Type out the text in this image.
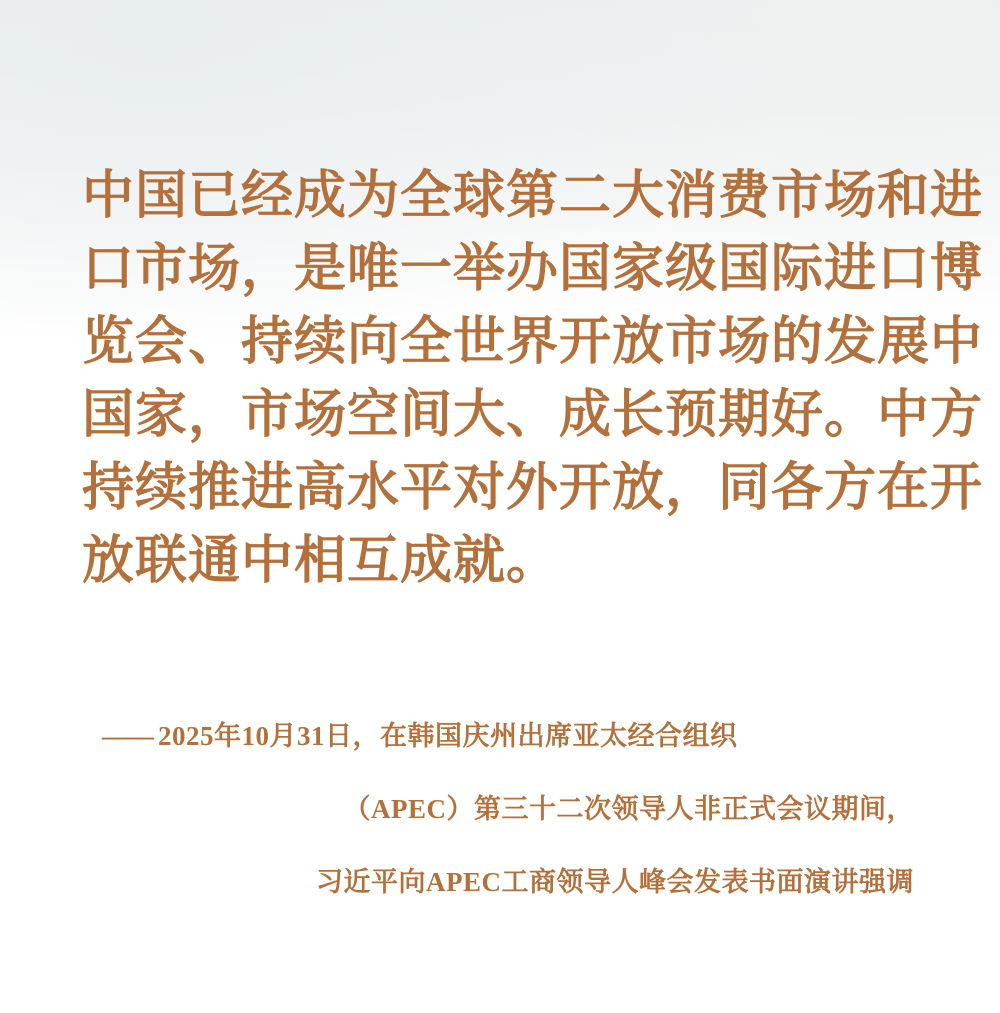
中国已经成为全球第二大消费市场和进
口市场，是唯一举办国家级国际进口博
览会、持续向全世界开放市场的发展中
国家，市场空间大、成长预期好。中方
持续推进高水平对外开放，同各方在开
放联通中相互成就。
—— 2025年10月31日，在韩国庆州出席亚太经合组织
（APEC）第三十二次领导人非正式会议期间，
习近平向APEC工商领导人峰会发表书面演讲强调
